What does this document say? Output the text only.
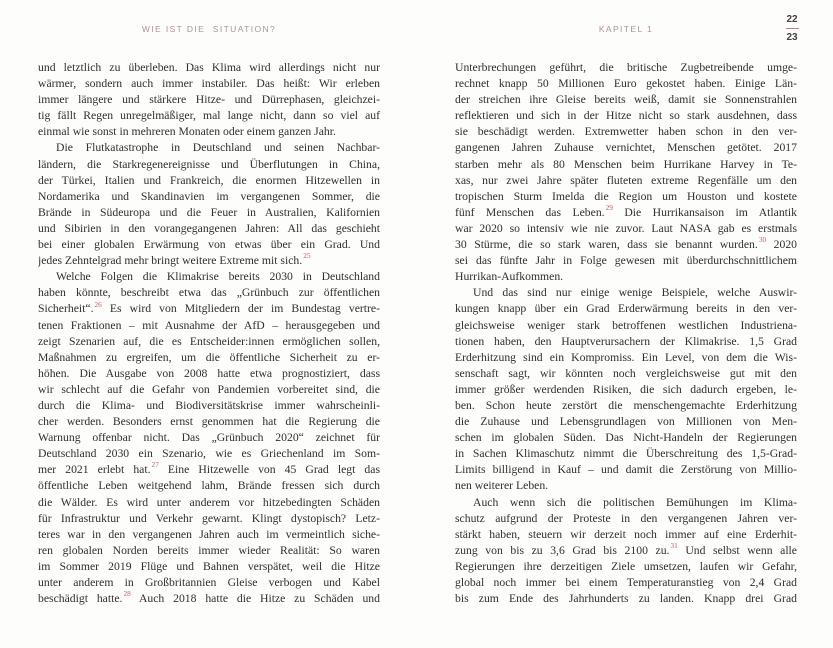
WIE IST DIE  SITUATION?	KAPITEL 1
22
23
und letztlich zu überleben. Das Klima wird allerdings nicht nur
wärmer, sondern auch immer instabiler. Das heißt: Wir erleben
immer längere und stärkere Hitze- und Dürrephasen, gleichzei-
tig fällt Regen unregelmäßiger, mal lange nicht, dann so viel auf
einmal wie sonst in mehreren Monaten oder einem ganzen Jahr.
Die Flutkatastrophe in Deutschland und seinen Nachbar-
ländern, die Starkregenereignisse und Überflutungen in China,
der Türkei, Italien und Frankreich, die enormen Hitzewellen in
Nordamerika und Skandinavien im vergangenen Sommer, die
Brände in Südeuropa und die Feuer in Australien, Kalifornien
und Sibirien in den vorangegangenen Jahren: All das geschieht
bei einer globalen Erwärmung von etwas über ein Grad. Und
jedes Zehntelgrad mehr bringt weitere Extreme mit sich.$^{25}$
Welche Folgen die Klimakrise bereits 2030 in Deutschland
haben könnte, beschreibt etwa das „Grünbuch zur öffentlichen
Sicherheit“.$^{26}$ Es wird von Mitgliedern der im Bundestag vertre-
tenen Fraktionen – mit Ausnahme der AfD – herausgegeben und
zeigt Szenarien auf, die es Entscheider:innen ermöglichen sollen,
Maßnahmen zu ergreifen, um die öffentliche Sicherheit zu er-
höhen. Die Ausgabe von 2008 hatte etwa prognostiziert, dass
wir schlecht auf die Gefahr von Pandemien vorbereitet sind, die
durch die Klima- und Biodiversitätskrise immer wahrscheinli-
cher werden. Besonders ernst genommen hat die Regierung die
Warnung offenbar nicht. Das „Grünbuch 2020“ zeichnet für
Deutschland 2030 ein Szenario, wie es Griechenland im Som-
mer 2021 erlebt hat.$^{27}$ Eine Hitzewelle von 45 Grad legt das
öffentliche Leben weitgehend lahm, Brände fressen sich durch
die Wälder. Es wird unter anderem vor hitzebedingten Schäden
für Infrastruktur und Verkehr gewarnt. Klingt dystopisch? Letz-
teres war in den vergangenen Jahren auch im vermeintlich siche-
ren globalen Norden bereits immer wieder Realität: So waren
im Sommer 2019 Flüge und Bahnen verspätet, weil die Hitze
unter anderem in Großbritannien Gleise verbogen und Kabel
beschädigt hatte.$^{28}$ Auch 2018 hatte die Hitze zu Schäden und
Unterbrechungen geführt, die britische Zugbetreibende umge-
rechnet knapp 50 Millionen Euro gekostet haben. Einige Län-
der streichen ihre Gleise bereits weiß, damit sie Sonnenstrahlen
reflektieren und sich in der Hitze nicht so stark ausdehnen, dass
sie beschädigt werden. Extremwetter haben schon in den ver-
gangenen Jahren Zuhause vernichtet, Menschen getötet. 2017
starben mehr als 80 Menschen beim Hurrikane Harvey in Te-
xas, nur zwei Jahre später fluteten extreme Regenfälle um den
tropischen Sturm Imelda die Region um Houston und kostete
fünf Menschen das Leben.$^{29}$ Die Hurrikansaison im Atlantik
war 2020 so intensiv wie nie zuvor. Laut NASA gab es erstmals
30 Stürme, die so stark waren, dass sie benannt wurden.$^{30}$ 2020
sei das fünfte Jahr in Folge gewesen mit überdurchschnittlichem
Hurrikan-Aufkommen.
Und das sind nur einige wenige Beispiele, welche Auswir-
kungen knapp über ein Grad Erderwärmung bereits in den ver-
gleichsweise weniger stark betroffenen westlichen Industriena-
tionen haben, den Hauptverursachern der Klimakrise. 1,5 Grad
Erderhitzung sind ein Kompromiss. Ein Level, von dem die Wis-
senschaft sagt, wir könnten noch vergleichsweise gut mit den
immer größer werdenden Risiken, die sich dadurch ergeben, le-
ben. Schon heute zerstört die menschengemachte Erderhitzung
die Zuhause und Lebensgrundlagen von Millionen von Men-
schen im globalen Süden. Das Nicht-Handeln der Regierungen
in Sachen Klimaschutz nimmt die Überschreitung des 1,5-Grad-
Limits billigend in Kauf – und damit die Zerstörung von Millio-
nen weiterer Leben.
Auch wenn sich die politischen Bemühungen im Klima-
schutz aufgrund der Proteste in den vergangenen Jahren ver-
stärkt haben, steuern wir derzeit noch immer auf eine Erderhit-
zung von bis zu 3,6 Grad bis 2100 zu.$^{31}$ Und selbst wenn alle
Regierungen ihre derzeitigen Ziele umsetzen, laufen wir Gefahr,
global noch immer bei einem Temperaturanstieg von 2,4 Grad
bis zum Ende des Jahrhunderts zu landen. Knapp drei Grad
